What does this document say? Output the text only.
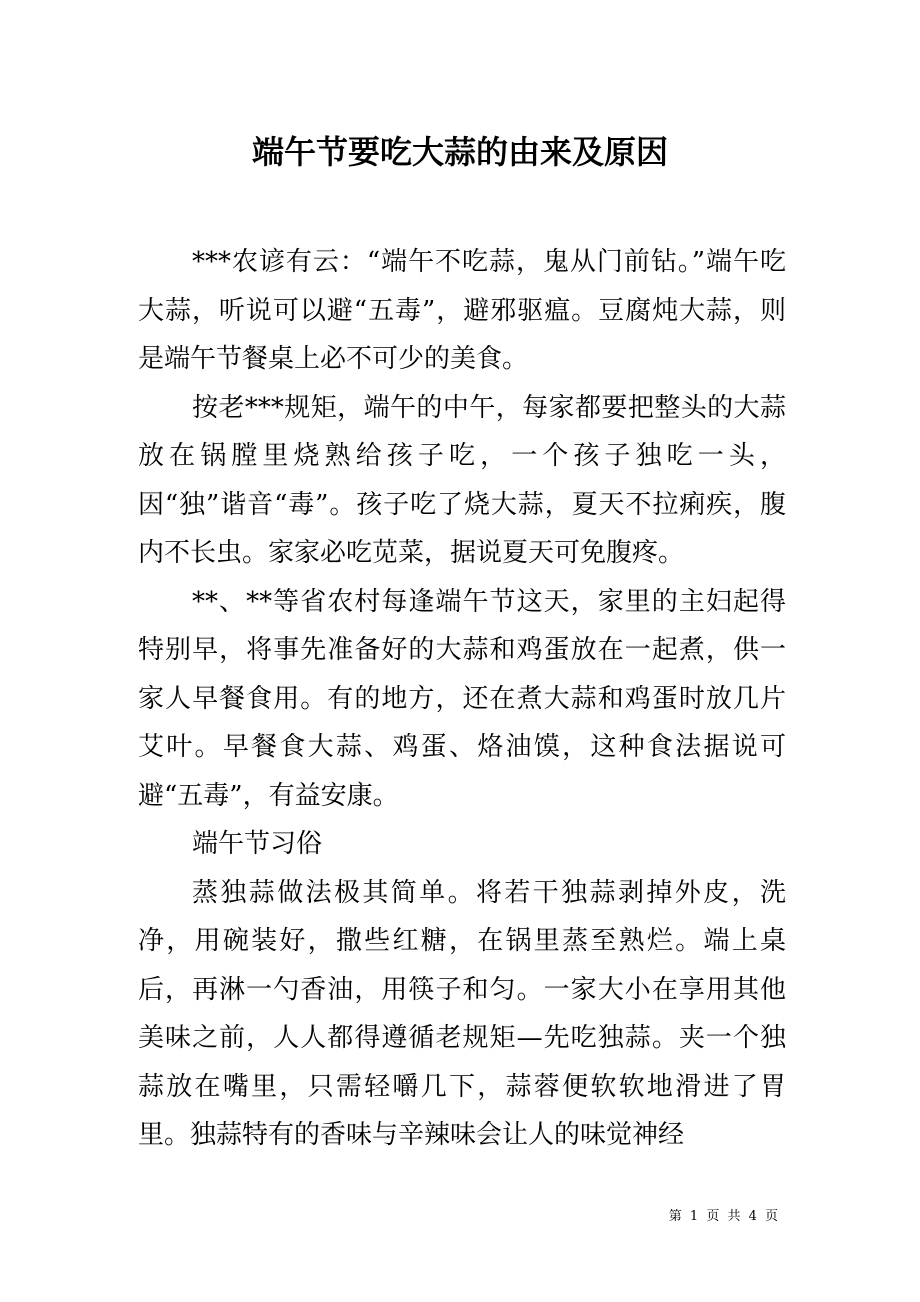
端午节要吃大蒜的由来及原因

***农谚有云：“端午不吃蒜，鬼从门前钻。”端午吃大蒜，听说可以避“五毒”，避邪驱瘟。豆腐炖大蒜，则是端午节餐桌上必不可少的美食。

按老***规矩，端午的中午，每家都要把整头的大蒜放在锅膛里烧熟给孩子吃，一个孩子独吃一头，因“独”谐音“毒”。孩子吃了烧大蒜，夏天不拉痢疾，腹内不长虫。家家必吃苋菜，据说夏天可免腹疼。

**、**等省农村每逢端午节这天，家里的主妇起得特别早，将事先准备好的大蒜和鸡蛋放在一起煮，供一家人早餐食用。有的地方，还在煮大蒜和鸡蛋时放几片艾叶。早餐食大蒜、鸡蛋、烙油馍，这种食法据说可避“五毒”，有益安康。

端午节习俗

蒸独蒜做法极其简单。将若干独蒜剥掉外皮，洗净，用碗装好，撒些红糖，在锅里蒸至熟烂。端上桌后，再淋一勺香油，用筷子和匀。一家大小在享用其他美味之前，人人都得遵循老规矩—先吃独蒜。夹一个独蒜放在嘴里，只需轻嚼几下，蒜蓉便软软地滑进了胃里。独蒜特有的香味与辛辣味会让人的味觉神经

第 1 页 共 4 页
